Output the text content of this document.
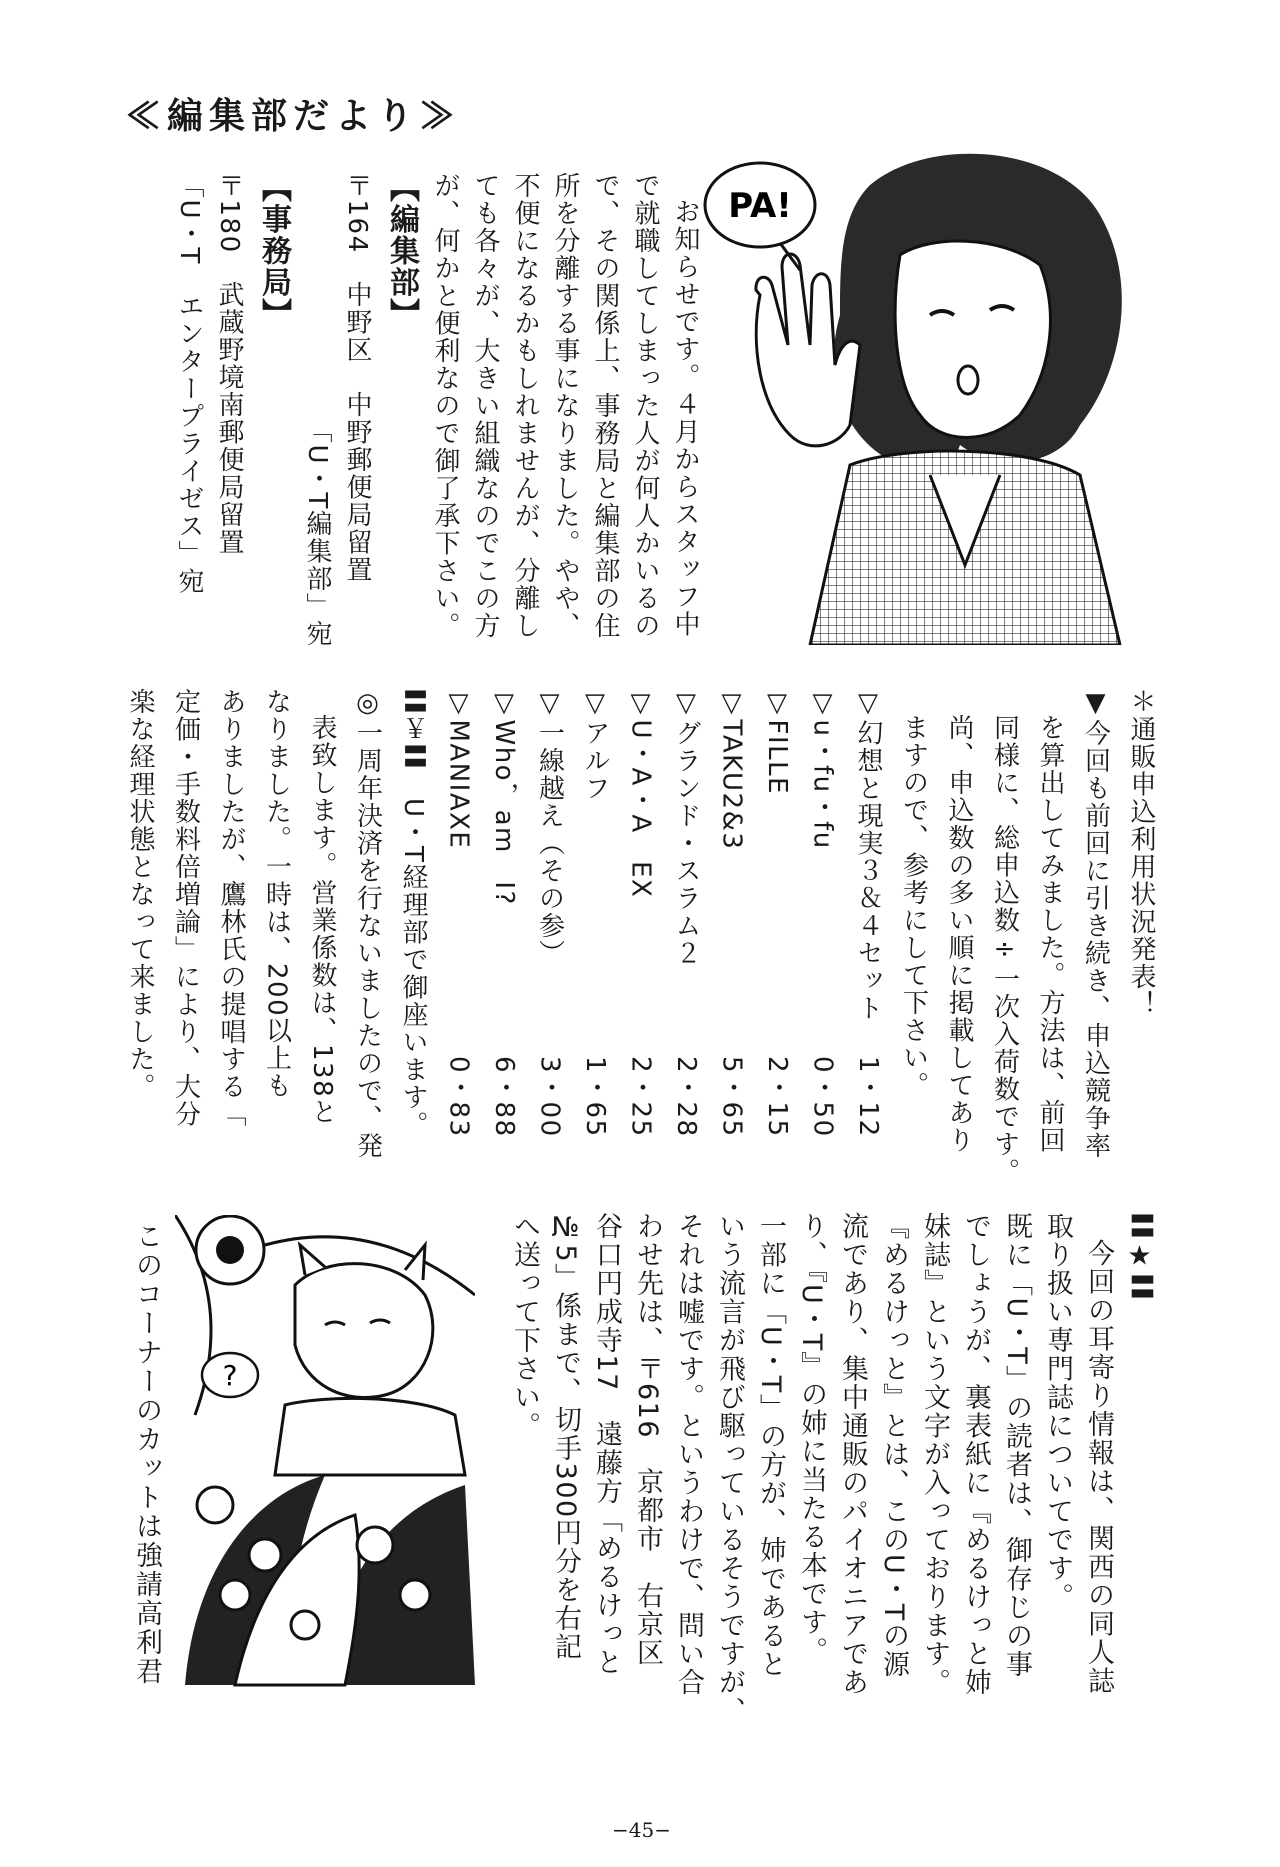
≪編集部だより≫
お知らせです。４月からスタッフ中
で就職してしまった人が何人かいるの
で、その関係上、事務局と編集部の住
所を分離する事になりました。やや、
不便になるかもしれませんが、分離し
ても各々が、大きい組織なのでこの方
が、何かと便利なので御了承下さい。
【編集部】
〒164　中野区　中野郵便局留置
「U・T編集部」宛
【事務局】
〒180　武蔵野境南郵便局留置
「U・T　エンタープライゼス」宛	PA!
＊通販申込利用状況発表！
▼今回も前回に引き続き、申込競争率
を算出してみました。方法は、前回
同様に、総申込数÷一次入荷数です。
尚、申込数の多い順に掲載してあり
ますので、参考にして下さい。
▽幻想と現実３＆４セット
1・12
▽u・fu・fu
0・50
▽FILLE
2・15
▽TAKU2&3
5・65
▽グランド・スラム２
2・28
▽U・A・A　EX
2・25
▽アルフ
1・65
▽一線越え（その参）
3・00
▽Who，am　I?
6・88
▽MANIAXE
0・83
〓￥〓　U・T経理部で御座います。
◎一周年決済を行ないましたので、発
表致します。営業係数は、138と
なりました。一時は、200以上も
ありましたが、鷹林氏の提唱する「
定価・手数料倍増論」により、大分
楽な経理状態となって来ました。
〓★〓
今回の耳寄り情報は、関西の同人誌
取り扱い専門誌についてです。
既に「U・T」の読者は、御存じの事
でしょうが、裏表紙に『めるけっと姉
妹誌』という文字が入っております。
『めるけっと』とは、このU・Tの源
流であり、集中通販のパイオニアであ
り、『U・T』の姉に当たる本です。
一部に「U・T」の方が、姉であると
いう流言が飛び駆っているそうですが、
それは嘘です。というわけで、問い合
わせ先は、〒616　京都市　右京区
谷口円成寺17　遠藤方「めるけっと
№5」係まで、切手300円分を右記
へ送って下さい。
?
このコーナーのカットは強請高利君
−45−
